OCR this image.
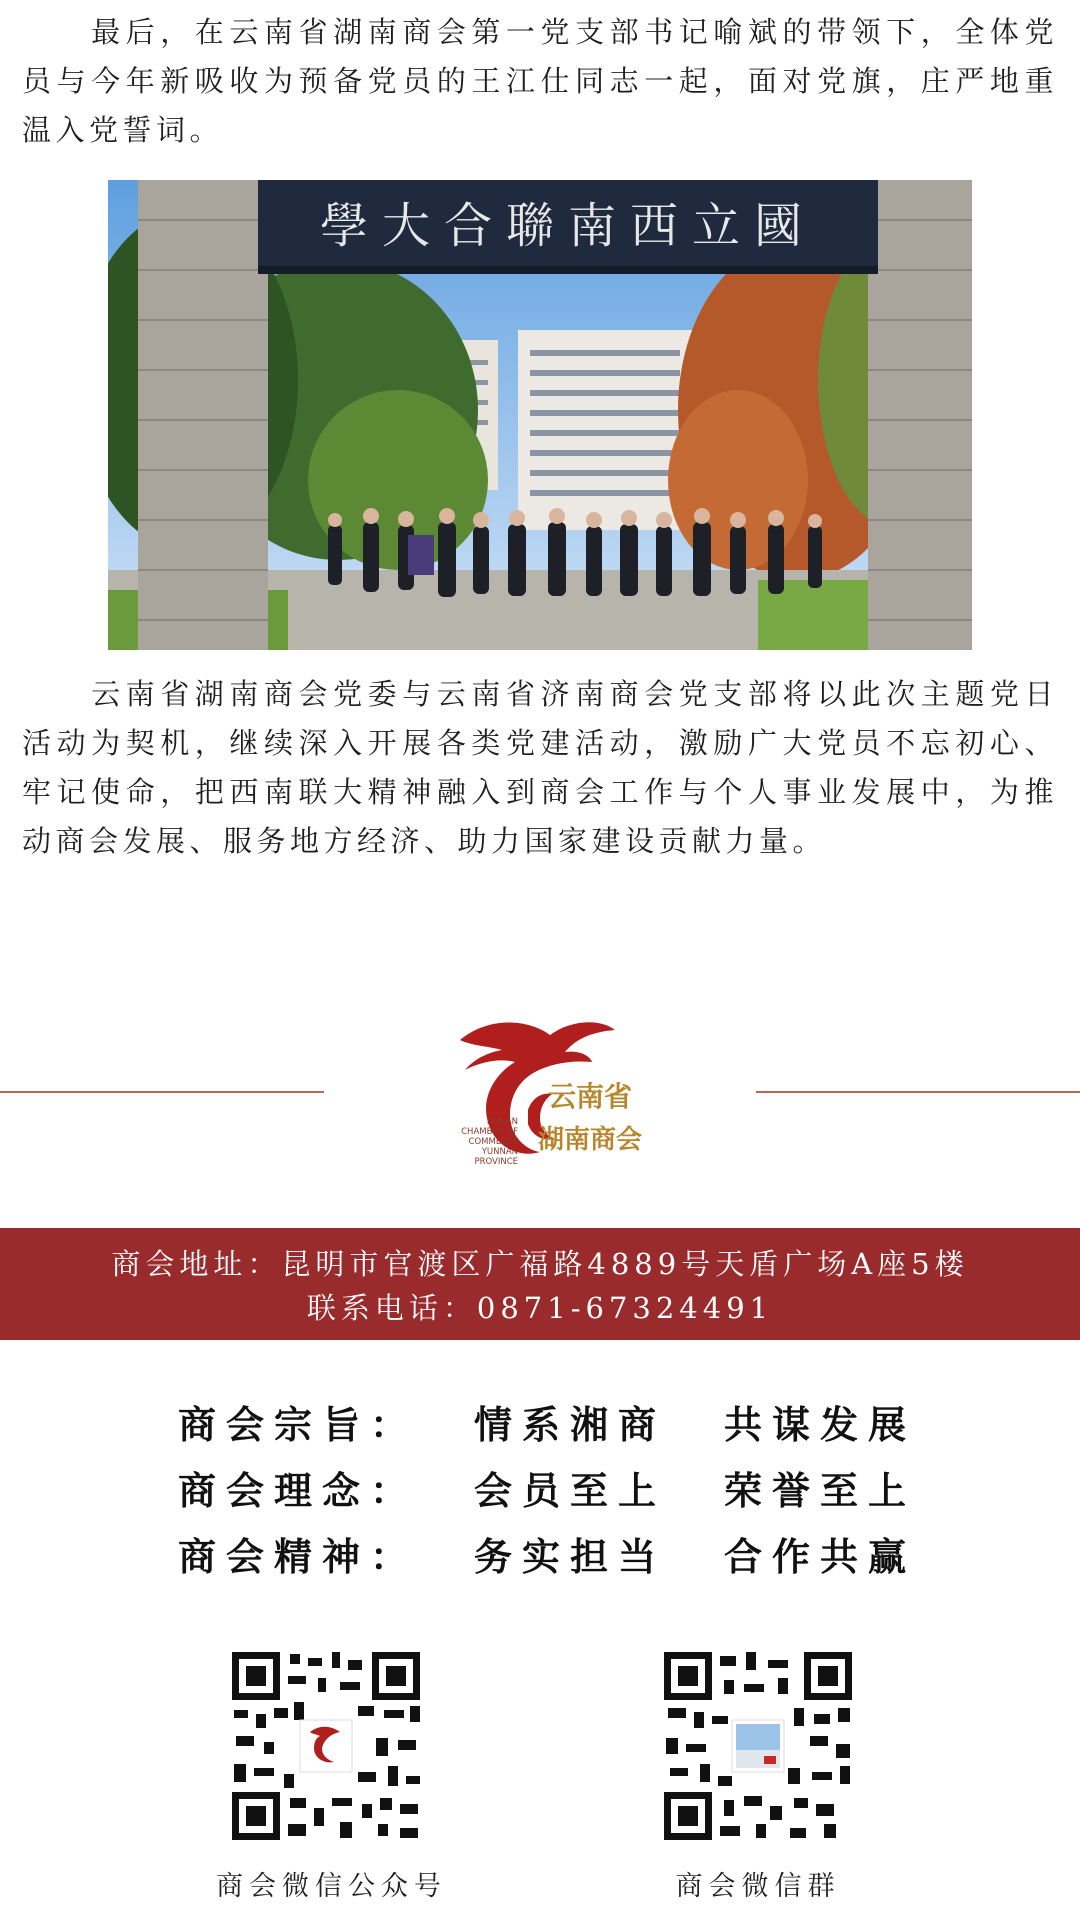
最后，在云南省湖南商会第一党支部书记喻斌的带领下，全体党员与今年新吸收为预备党员的王江仕同志一起，面对党旗，庄严地重温入党誓词。

學大合聯南西立國

云南省湖南商会党委与云南省济南商会党支部将以此次主题党日活动为契机，继续深入开展各类党建活动，激励广大党员不忘初心、牢记使命，把西南联大精神融入到商会工作与个人事业发展中，为推动商会发展、服务地方经济、助力国家建设贡献力量。

云南省
湖南商会
HUNAN
CHAMBER OF
COMMERCE
YUNNAN
PROVINCE
商会地址：昆明市官渡区广福路4889号天盾广场A座5楼
联系电话：0871-67324491
商会宗旨： 情系湘商 共谋发展
商会理念： 会员至上 荣誉至上
商会精神： 务实担当 合作共赢
商会微信公众号	商会微信群
